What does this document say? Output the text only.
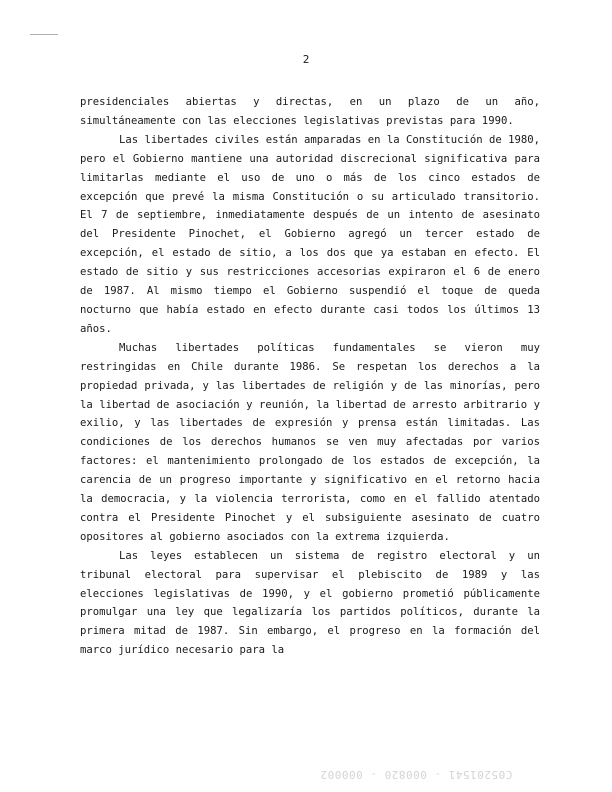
2

presidenciales abiertas y directas, en un plazo de un año, simultáneamente con las elecciones legislativas previstas para 1990.

Las libertades civiles están amparadas en la Constitución de 1980, pero el Gobierno mantiene una autoridad discrecional significativa para limitarlas mediante el uso de uno o más de los cinco estados de excepción que prevé la misma Constitución o su articulado transitorio. El 7 de septiembre, inmediatamente después de un intento de asesinato del Presidente Pinochet, el Gobierno agregó un tercer estado de excepción, el estado de sitio, a los dos que ya estaban en efecto. El estado de sitio y sus restricciones accesorias expiraron el 6 de enero de 1987. Al mismo tiempo el Gobierno suspendió el toque de queda nocturno que había estado en efecto durante casi todos los últimos 13 años.

Muchas libertades políticas fundamentales se vieron muy restringidas en Chile durante 1986. Se respetan los derechos a la propiedad privada, y las libertades de religión y de las minorías, pero la libertad de asociación y reunión, la libertad de arresto arbitrario y exilio, y las libertades de expresión y prensa están limitadas. Las condiciones de los derechos humanos se ven muy afectadas por varios factores: el mantenimiento prolongado de los estados de excepción, la carencia de un progreso importante y significativo en el retorno hacia la democracia, y la violencia terrorista, como en el fallido atentado contra el Presidente Pinochet y el subsiguiente asesinato de cuatro opositores al gobierno asociados con la extrema izquierda.

Las leyes establecen un sistema de registro electoral y un tribunal electoral para supervisar el plebiscito de 1989 y las elecciones legislativas de 1990, y el gobierno prometió públicamente promulgar una ley que legalizaría los partidos políticos, durante la primera mitad de 1987. Sin embargo, el progreso en la formación del marco jurídico necesario para la

C05201541 - 000820 - 000002
